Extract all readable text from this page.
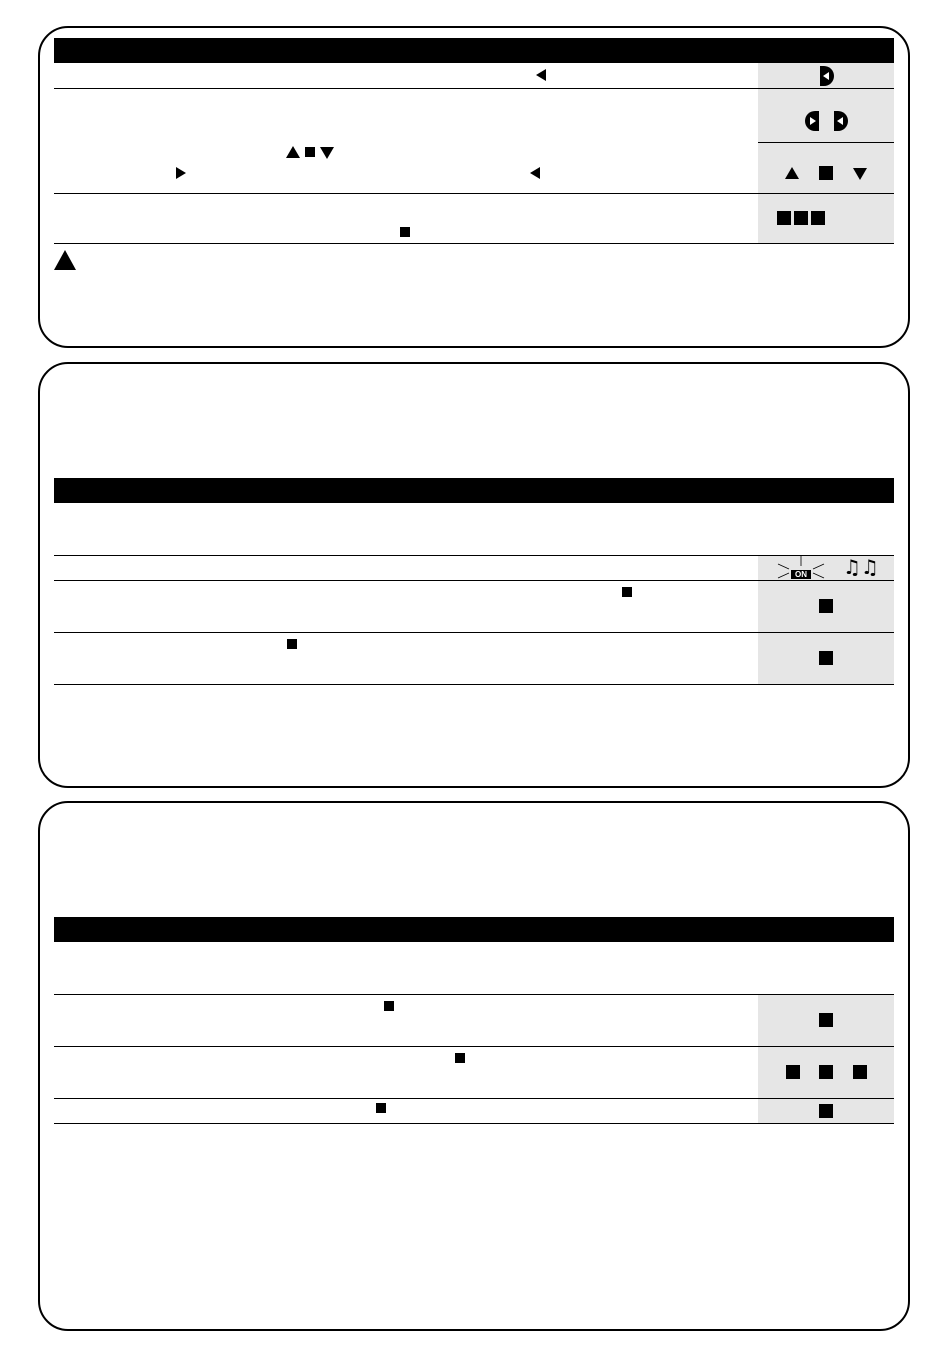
ON ♫♫
